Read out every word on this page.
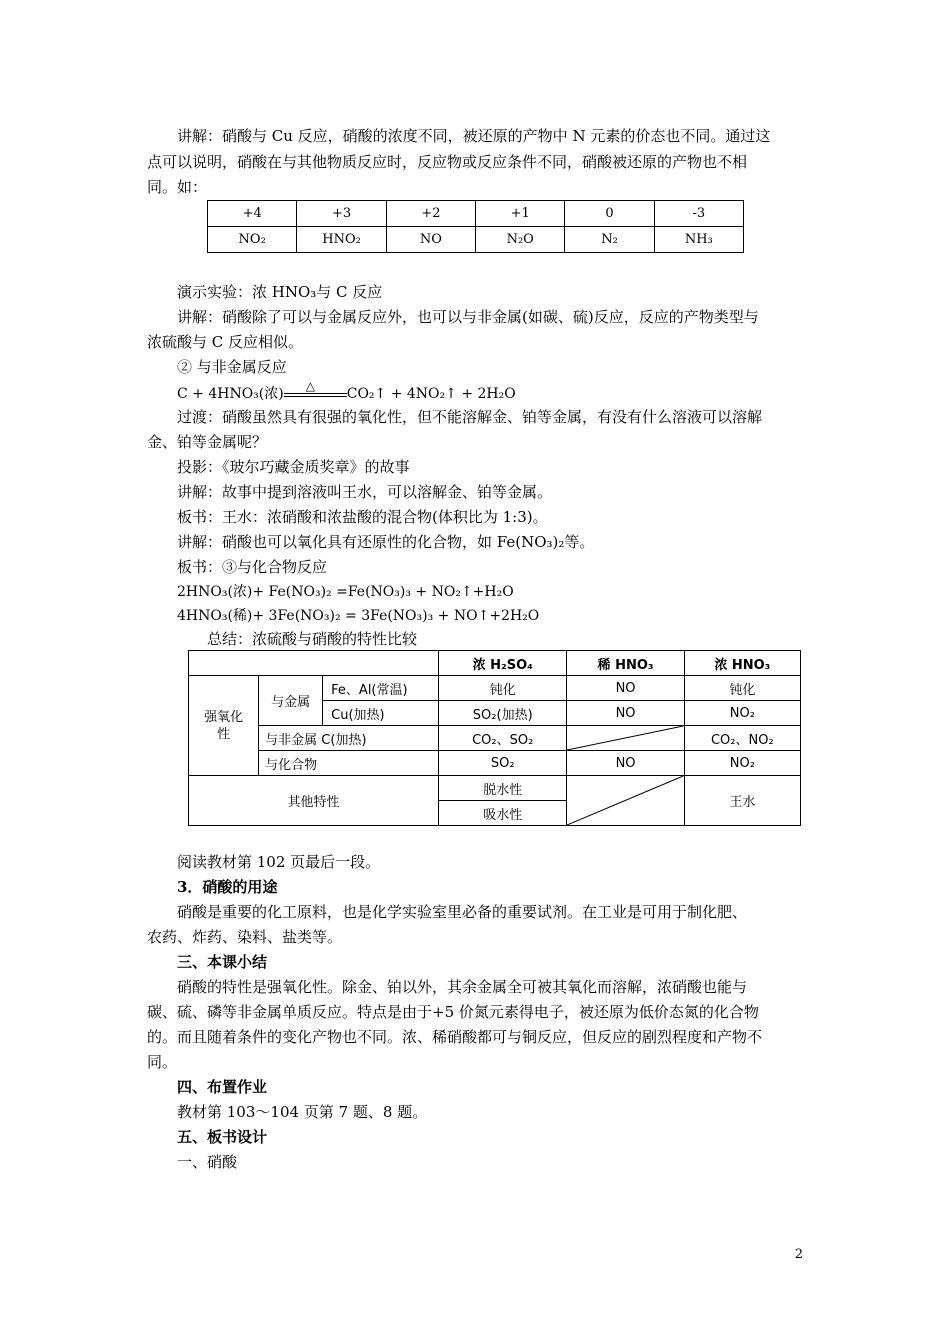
讲解：硝酸与 Cu 反应，硝酸的浓度不同，被还原的产物中 N 元素的价态也不同。通过这
点可以说明，硝酸在与其他物质反应时，反应物或反应条件不同，硝酸被还原的产物也不相
同。如：
+4	+3	+2	+1	0	-3
NO₂	HNO₂	NO	N₂O	N₂	NH₃
演示实验：浓 HNO₃与 C 反应
讲解：硝酸除了可以与金属反应外，也可以与非金属(如碳、硫)反应，反应的产物类型与
浓硫酸与 C 反应相似。
② 与非金属反应
C + 4HNO₃(浓) △ CO₂↑ + 4NO₂↑ + 2H₂O
过渡：硝酸虽然具有很强的氧化性，但不能溶解金、铂等金属，有没有什么溶液可以溶解
金、铂等金属呢？
投影：《玻尔巧藏金质奖章》的故事
讲解：故事中提到溶液叫王水，可以溶解金、铂等金属。
板书：王水：浓硝酸和浓盐酸的混合物(体积比为 1:3)。
讲解：硝酸也可以氧化具有还原性的化合物，如 Fe(NO₃)₂等。
板书：③与化合物反应
2HNO₃(浓)+ Fe(NO₃)₂ =Fe(NO₃)₃ + NO₂↑+H₂O
4HNO₃(稀)+ 3Fe(NO₃)₂ = 3Fe(NO₃)₃ + NO↑+2H₂O
总结：浓硫酸与硝酸的特性比较
			浓 H₂SO₄	稀 HNO₃	浓 HNO₃
强氧化性	与金属	Fe、Al(常温)	钝化	NO	钝化
		Cu(加热)	SO₂(加热)	NO	NO₂
	与非金属 C(加热)		CO₂、SO₂		CO₂、NO₂
	与化合物		SO₂	NO	NO₂
其他特性			脱水性		王水
			吸水性		
阅读教材第 102 页最后一段。
3．硝酸的用途
硝酸是重要的化工原料，也是化学实验室里必备的重要试剂。在工业是可用于制化肥、
农药、炸药、染料、盐类等。
三、本课小结
硝酸的特性是强氧化性。除金、铂以外，其余金属全可被其氧化而溶解，浓硝酸也能与
碳、硫、磷等非金属单质反应。特点是由于+5 价氮元素得电子，被还原为低价态氮的化合物
的。而且随着条件的变化产物也不同。浓、稀硝酸都可与铜反应，但反应的剧烈程度和产物不
同。
四、布置作业
教材第 103～104 页第 7 题、8 题。
五、板书设计
一、硝酸
2
